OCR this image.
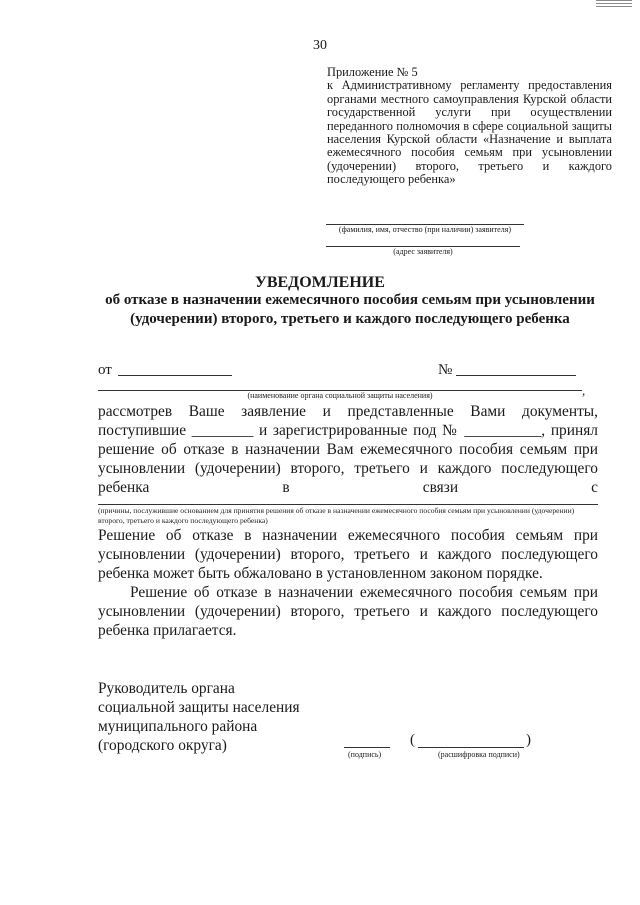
30
Приложение № 5
к Административному регламенту предоставления органами местного самоуправления Курской области государственной услуги при осуществлении переданного полномочия в сфере социальной защиты населения Курской области «Назначение и выплата ежемесячного пособия семьям при усыновлении (удочерении) второго, третьего и каждого последующего ребенка»
(фамилия, имя, отчество (при наличии) заявителя)
(адрес заявителя)
УВЕДОМЛЕНИЕ
об отказе в назначении ежемесячного пособия семьям при усыновлении (удочерении) второго, третьего и каждого последующего ребенка
от	№
(наименование органа социальной защиты населения)	,
рассмотрев Ваше заявление и представленные Вами документы,
поступившие ________ и зарегистрированные под № __________, принял
решение об отказе в назначении Вам ежемесячного пособия семьям при
усыновлении (удочерении) второго, третьего и каждого последующего
ребенка в связи с
(причины, послужившие основанием для принятия решения об отказе в назначении ежемесячного пособия семьям при усыновлении (удочерении) второго, третьего и каждого последующего ребенка)
Решение об отказе в назначении ежемесячного пособия семьям при
усыновлении (удочерении) второго, третьего и каждого последующего
ребенка может быть обжаловано в установленном законом порядке.
Решение об отказе в назначении ежемесячного пособия семьям при
усыновлении (удочерении) второго, третьего и каждого последующего
ребенка прилагается.
Руководитель органа
социальной защиты населения
муниципального района
(городского округа)
(подпись)
(	)
(расшифровка подписи)
